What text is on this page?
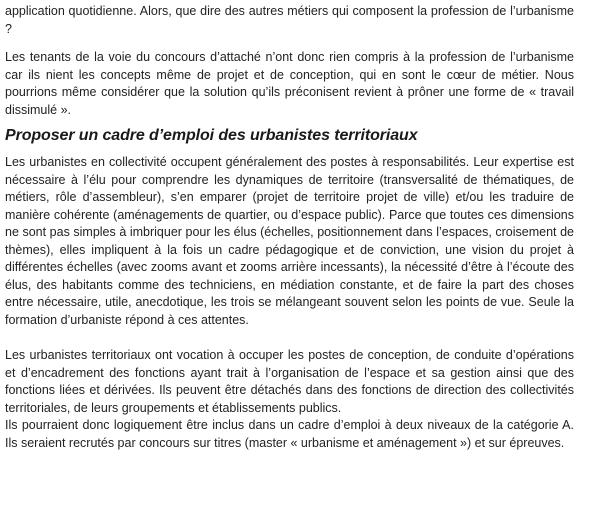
application quotidienne. Alors, que dire des autres métiers qui composent la profession de l’urbanisme ?

Les tenants de la voie du concours d’attaché n’ont donc rien compris à la profession de l’urbanisme car ils nient les concepts même de projet et de conception, qui en sont le cœur de métier. Nous pourrions même considérer que la solution qu’ils préconisent revient à prôner une forme de « travail dissimulé ».

Proposer un cadre d’emploi des urbanistes territoriaux

Les urbanistes en collectivité occupent généralement des postes à responsabilités. Leur expertise est nécessaire à l’élu pour comprendre les dynamiques de territoire (transversalité de thématiques, de métiers, rôle d’assembleur), s’en emparer (projet de territoire projet de ville) et/ou les traduire de manière cohérente (aménagements de quartier, ou d’espace public). Parce que toutes ces dimensions ne sont pas simples à imbriquer pour les élus (échelles, positionnement dans l’espaces, croisement de thèmes), elles impliquent à la fois un cadre pédagogique et de conviction, une vision du projet à différentes échelles (avec zooms avant et zooms arrière incessants), la nécessité d’être à l’écoute des élus, des habitants comme des techniciens, en médiation constante, et de faire la part des choses entre nécessaire, utile, anecdotique, les trois se mélangeant souvent selon les points de vue. Seule la formation d’urbaniste répond à ces attentes.

Les urbanistes territoriaux ont vocation à occuper les postes de conception, de conduite d’opérations et d’encadrement des fonctions ayant trait à l’organisation de l’espace et sa gestion ainsi que des fonctions liées et dérivées. Ils peuvent être détachés dans des fonctions de direction des collectivités territoriales, de leurs groupements et établissements publics.

Ils pourraient donc logiquement être inclus dans un cadre d’emploi à deux niveaux de la catégorie A. Ils seraient recrutés par concours sur titres (master « urbanisme et aménagement ») et sur épreuves.
